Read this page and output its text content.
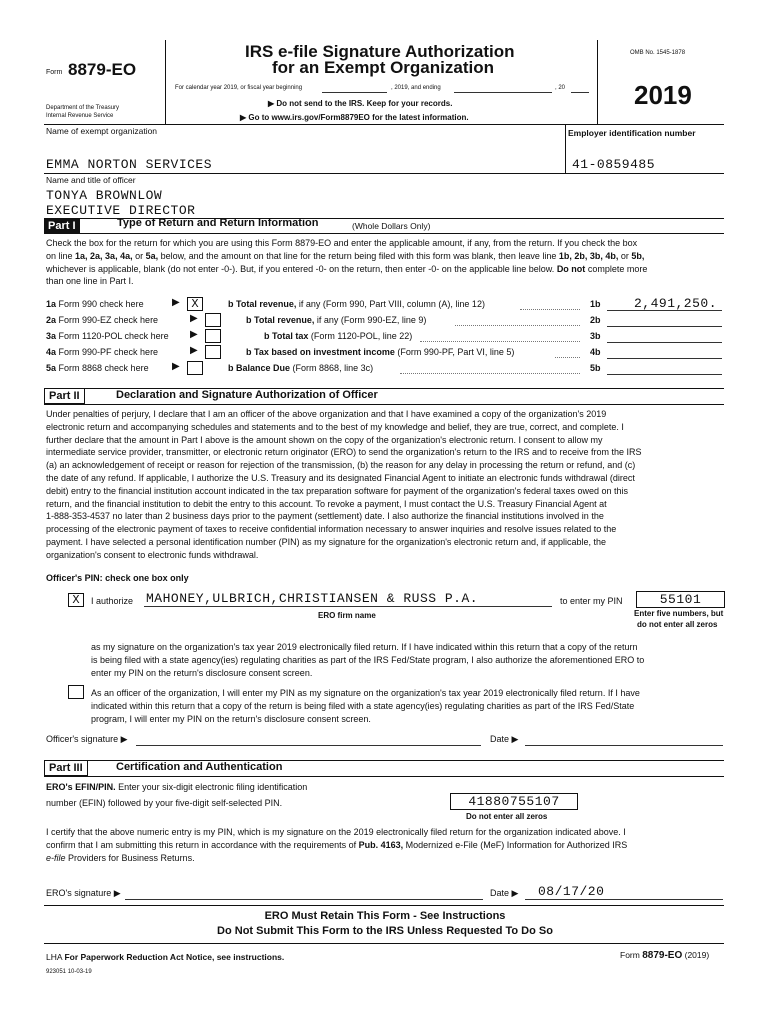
Form 8879-EO
IRS e-file Signature Authorization
for an Exempt Organization
For calendar year 2019, or fiscal year beginning	, 2019, and ending	, 20
Department of the Treasury
Internal Revenue Service
▶ Do not send to the IRS. Keep for your records.
▶ Go to www.irs.gov/Form8879EO for the latest information.
OMB No. 1545-1878
2019
Name of exempt organization	Employer identification number
EMMA NORTON SERVICES	41-0859485
Name and title of officer
TONYA BROWNLOW
EXECUTIVE DIRECTOR
Part I	Type of Return and Return Information	(Whole Dollars Only)
Check the box for the return for which you are using this Form 8879-EO and enter the applicable amount, if any, from the return. If you check the box
on line 1a, 2a, 3a, 4a, or 5a, below, and the amount on that line for the return being filed with this form was blank, then leave line 1b, 2b, 3b, 4b, or 5b,
whichever is applicable, blank (do not enter -0-). But, if you entered -0- on the return, then enter -0- on the applicable line below. Do not complete more
than one line in Part I.
1a Form 990 check here	▶ X	b Total revenue, if any (Form 990, Part VIII, column (A), line 12)	1b	2,491,250.
2a Form 990-EZ check here	▶	b Total revenue, if any (Form 990-EZ, line 9)	2b
3a Form 1120-POL check here ▶	b Total tax (Form 1120-POL, line 22)	3b
4a Form 990-PF check here	▶	b Tax based on investment income (Form 990-PF, Part VI, line 5)	4b
5a Form 8868 check here ▶	b Balance Due (Form 8868, line 3c)	5b
Part II	Declaration and Signature Authorization of Officer
Under penalties of perjury, I declare that I am an officer of the above organization and that I have examined a copy of the organization's 2019
electronic return and accompanying schedules and statements and to the best of my knowledge and belief, they are true, correct, and complete. I
further declare that the amount in Part I above is the amount shown on the copy of the organization's electronic return. I consent to allow my
intermediate service provider, transmitter, or electronic return originator (ERO) to send the organization's return to the IRS and to receive from the IRS
(a) an acknowledgement of receipt or reason for rejection of the transmission, (b) the reason for any delay in processing the return or refund, and (c)
the date of any refund. If applicable, I authorize the U.S. Treasury and its designated Financial Agent to initiate an electronic funds withdrawal (direct
debit) entry to the financial institution account indicated in the tax preparation software for payment of the organization's federal taxes owed on this
return, and the financial institution to debit the entry to this account. To revoke a payment, I must contact the U.S. Treasury Financial Agent at
1-888-353-4537 no later than 2 business days prior to the payment (settlement) date. I also authorize the financial institutions involved in the
processing of the electronic payment of taxes to receive confidential information necessary to answer inquiries and resolve issues related to the
payment. I have selected a personal identification number (PIN) as my signature for the organization's electronic return and, if applicable, the
organization's consent to electronic funds withdrawal.
Officer's PIN: check one box only
X	I authorize MAHONEY,ULBRICH,CHRISTIANSEN & RUSS P.A.	to enter my PIN	55101
ERO firm name	Enter five numbers, but
do not enter all zeros
as my signature on the organization's tax year 2019 electronically filed return. If I have indicated within this return that a copy of the return
is being filed with a state agency(ies) regulating charities as part of the IRS Fed/State program, I also authorize the aforementioned ERO to
enter my PIN on the return's disclosure consent screen.
As an officer of the organization, I will enter my PIN as my signature on the organization's tax year 2019 electronically filed return. If I have
indicated within this return that a copy of the return is being filed with a state agency(ies) regulating charities as part of the IRS Fed/State
program, I will enter my PIN on the return's disclosure consent screen.
Officer's signature ▶	Date ▶
Part III	Certification and Authentication
ERO's EFIN/PIN. Enter your six-digit electronic filing identification
number (EFIN) followed by your five-digit self-selected PIN.	41880755107
Do not enter all zeros
I certify that the above numeric entry is my PIN, which is my signature on the 2019 electronically filed return for the organization indicated above. I
confirm that I am submitting this return in accordance with the requirements of Pub. 4163, Modernized e-File (MeF) Information for Authorized IRS
e-file Providers for Business Returns.
ERO's signature ▶	Date ▶ 08/17/20
ERO Must Retain This Form - See Instructions
Do Not Submit This Form to the IRS Unless Requested To Do So
LHA For Paperwork Reduction Act Notice, see instructions.	Form 8879-EO (2019)
923051 10-03-19
